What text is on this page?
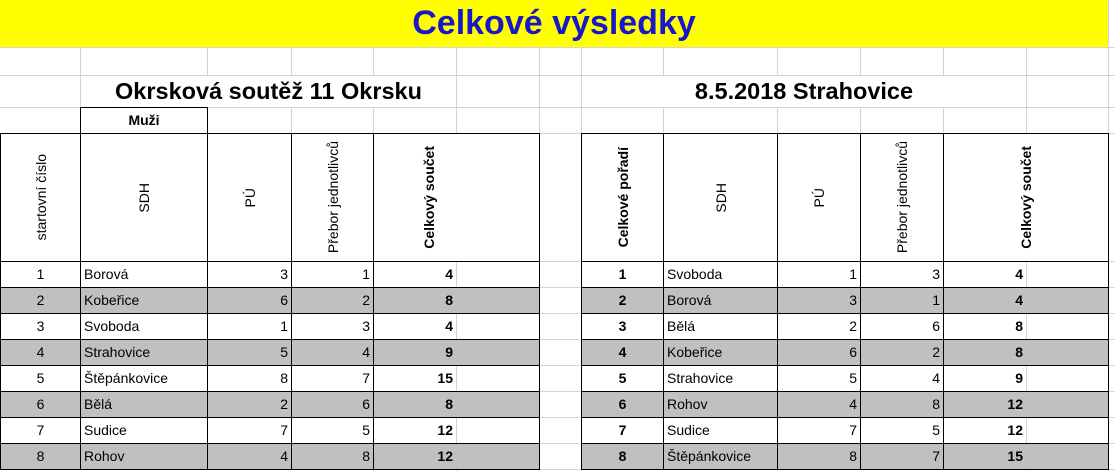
Celkové výsledky
Okrsková soutěž 11 Okrsku	8.5.2018 Strahovice
Muži
startovní číslo	SDH	PÚ	Přebor jednotlivců	Celkový součet	Celkové pořadí	SDH	PÚ	Přebor jednotlivců	Celkový součet
1	Borová	3	1	4
2	Kobeřice	6	2	8
3	Svoboda	1	3	4
4	Strahovice	5	4	9
5	Štěpánkovice	8	7	15
6	Bělá	2	6	8
7	Sudice	7	5	12
8	Rohov	4	8	12
1	Svoboda	1	3	4
2	Borová	3	1	4
3	Bělá	2	6	8
4	Kobeřice	6	2	8
5	Strahovice	5	4	9
6	Rohov	4	8	12
7	Sudice	7	5	12
8	Štěpánkovice	8	7	15
